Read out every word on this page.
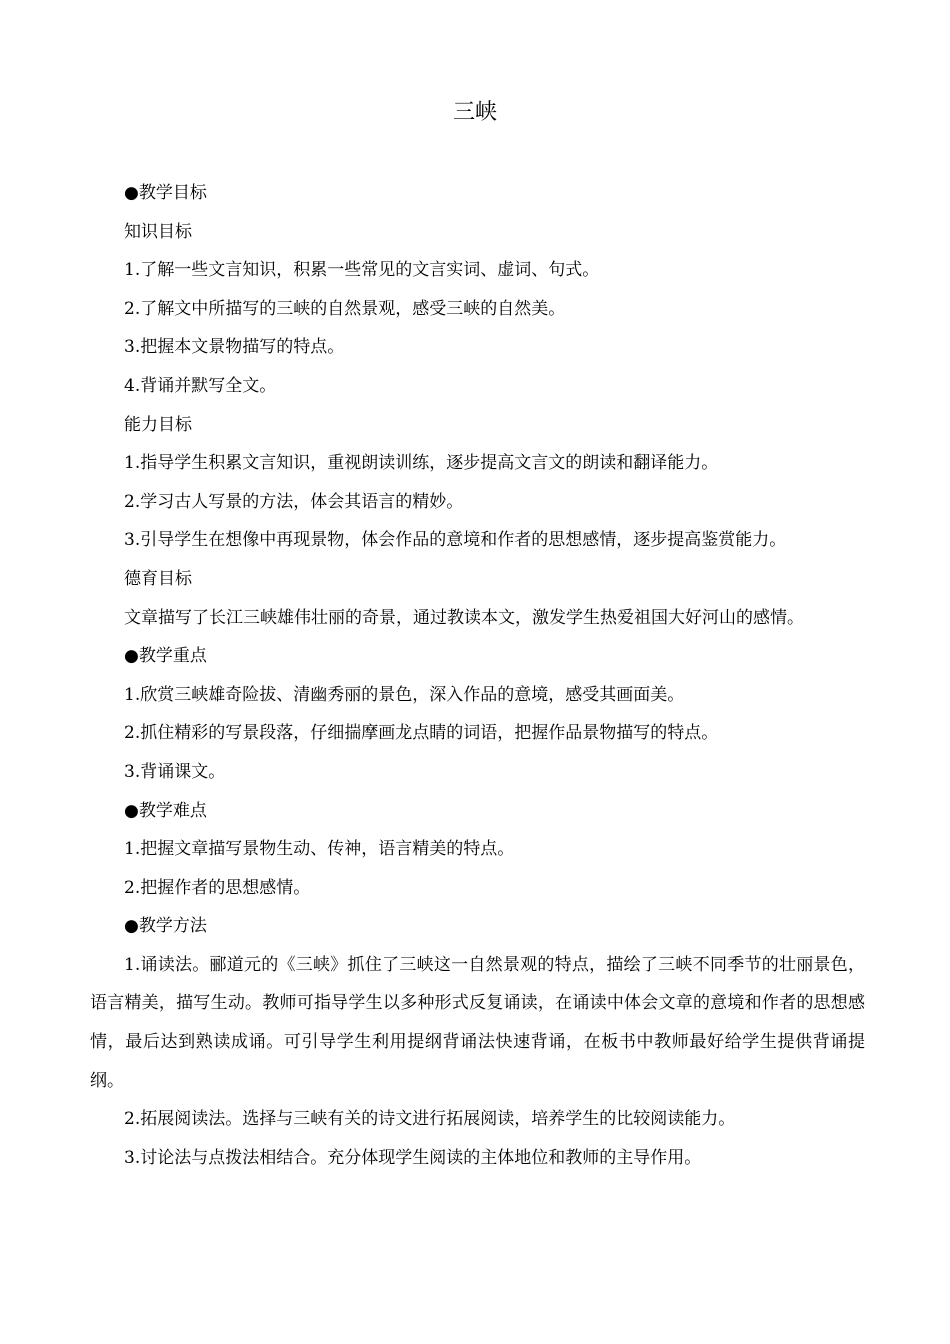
三峡

●教学目标

知识目标

1.了解一些文言知识，积累一些常见的文言实词、虚词、句式。

2.了解文中所描写的三峡的自然景观，感受三峡的自然美。

3.把握本文景物描写的特点。

4.背诵并默写全文。

能力目标

1.指导学生积累文言知识，重视朗读训练，逐步提高文言文的朗读和翻译能力。

2.学习古人写景的方法，体会其语言的精妙。

3.引导学生在想像中再现景物，体会作品的意境和作者的思想感情，逐步提高鉴赏能力。

德育目标

文章描写了长江三峡雄伟壮丽的奇景，通过教读本文，激发学生热爱祖国大好河山的感情。

●教学重点

1.欣赏三峡雄奇险拔、清幽秀丽的景色，深入作品的意境，感受其画面美。

2.抓住精彩的写景段落，仔细揣摩画龙点睛的词语，把握作品景物描写的特点。

3.背诵课文。

●教学难点

1.把握文章描写景物生动、传神，语言精美的特点。

2.把握作者的思想感情。

●教学方法

1.诵读法。郦道元的《三峡》抓住了三峡这一自然景观的特点，描绘了三峡不同季节的壮丽景色，语言精美，描写生动。教师可指导学生以多种形式反复诵读，在诵读中体会文章的意境和作者的思想感情，最后达到熟读成诵。可引导学生利用提纲背诵法快速背诵，在板书中教师最好给学生提供背诵提纲。

2.拓展阅读法。选择与三峡有关的诗文进行拓展阅读，培养学生的比较阅读能力。

3.讨论法与点拨法相结合。充分体现学生阅读的主体地位和教师的主导作用。
